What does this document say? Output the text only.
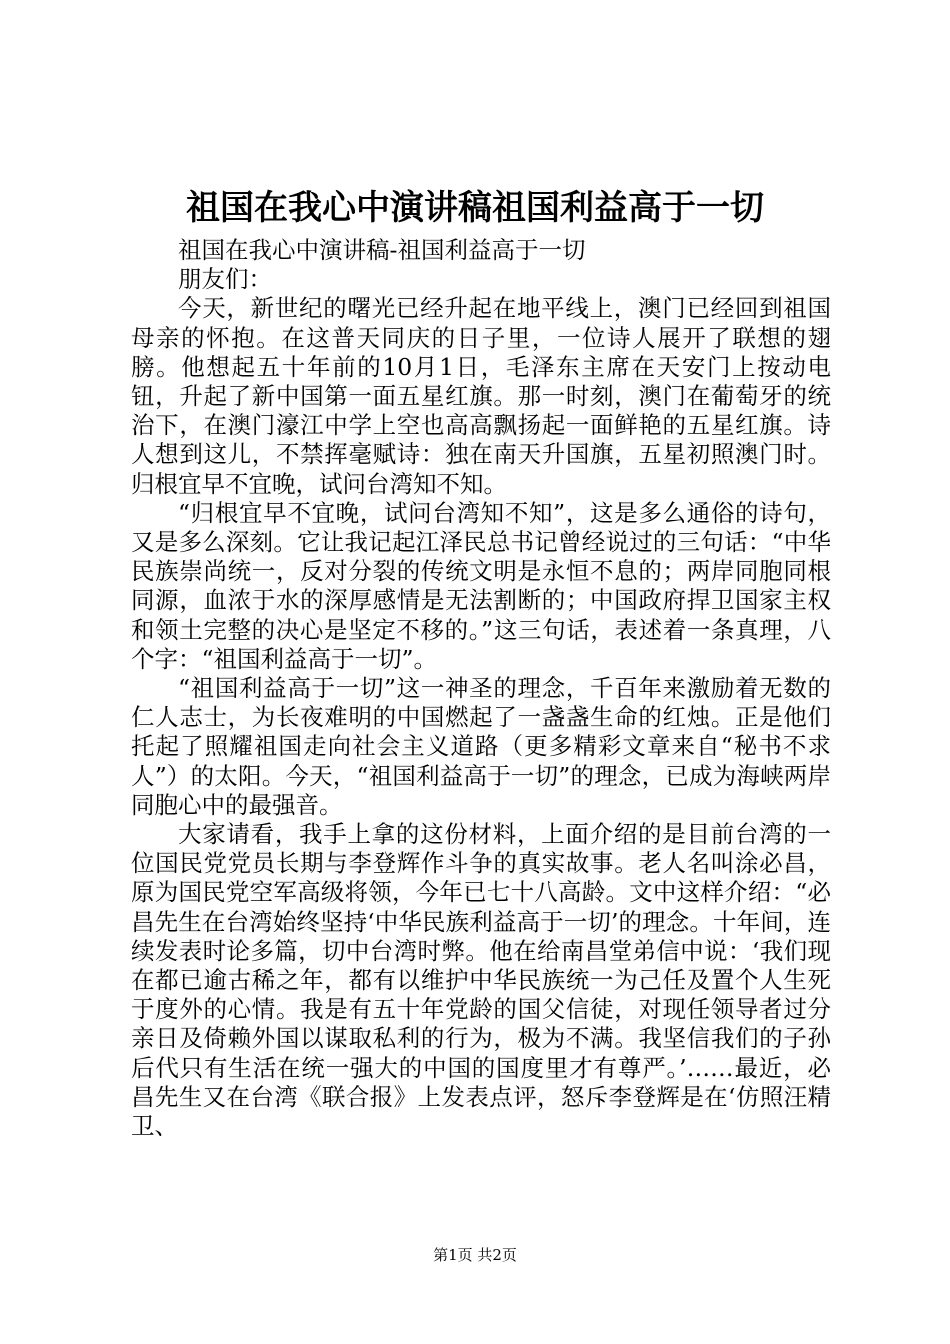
祖国在我心中演讲稿祖国利益高于一切

祖国在我心中演讲稿-祖国利益高于一切

朋友们：

今天，新世纪的曙光已经升起在地平线上，澳门已经回到祖国母亲的怀抱。在这普天同庆的日子里，一位诗人展开了联想的翅膀。他想起五十年前的10月1日，毛泽东主席在天安门上按动电钮，升起了新中国第一面五星红旗。那一时刻，澳门在葡萄牙的统治下，在澳门濠江中学上空也高高飘扬起一面鲜艳的五星红旗。诗人想到这儿，不禁挥毫赋诗：独在南天升国旗，五星初照澳门时。归根宜早不宜晚，试问台湾知不知。

“归根宜早不宜晚，试问台湾知不知”，这是多么通俗的诗句，又是多么深刻。它让我记起江泽民总书记曾经说过的三句话：“中华民族崇尚统一，反对分裂的传统文明是永恒不息的；两岸同胞同根同源，血浓于水的深厚感情是无法割断的；中国政府捍卫国家主权和领土完整的决心是坚定不移的。”这三句话，表述着一条真理，八个字：“祖国利益高于一切”。

“祖国利益高于一切”这一神圣的理念，千百年来激励着无数的仁人志士，为长夜难明的中国燃起了一盏盏生命的红烛。正是他们托起了照耀祖国走向社会主义道路（更多精彩文章来自“秘书不求人”）的太阳。今天，“祖国利益高于一切”的理念，已成为海峡两岸同胞心中的最强音。

大家请看，我手上拿的这份材料，上面介绍的是目前台湾的一位国民党党员长期与李登辉作斗争的真实故事。老人名叫涂必昌，原为国民党空军高级将领，今年已七十八高龄。文中这样介绍：“必昌先生在台湾始终坚持‘中华民族利益高于一切’的理念。十年间，连续发表时论多篇，切中台湾时弊。他在给南昌堂弟信中说：‘我们现在都已逾古稀之年，都有以维护中华民族统一为己任及置个人生死于度外的心情。我是有五十年党龄的国父信徒，对现任领导者过分亲日及倚赖外国以谋取私利的行为，极为不满。我坚信我们的子孙后代只有生活在统一强大的中国的国度里才有尊严。’……最近，必昌先生又在台湾《联合报》上发表点评，怒斥李登辉是在‘仿照汪精卫、

第1页 共2页
